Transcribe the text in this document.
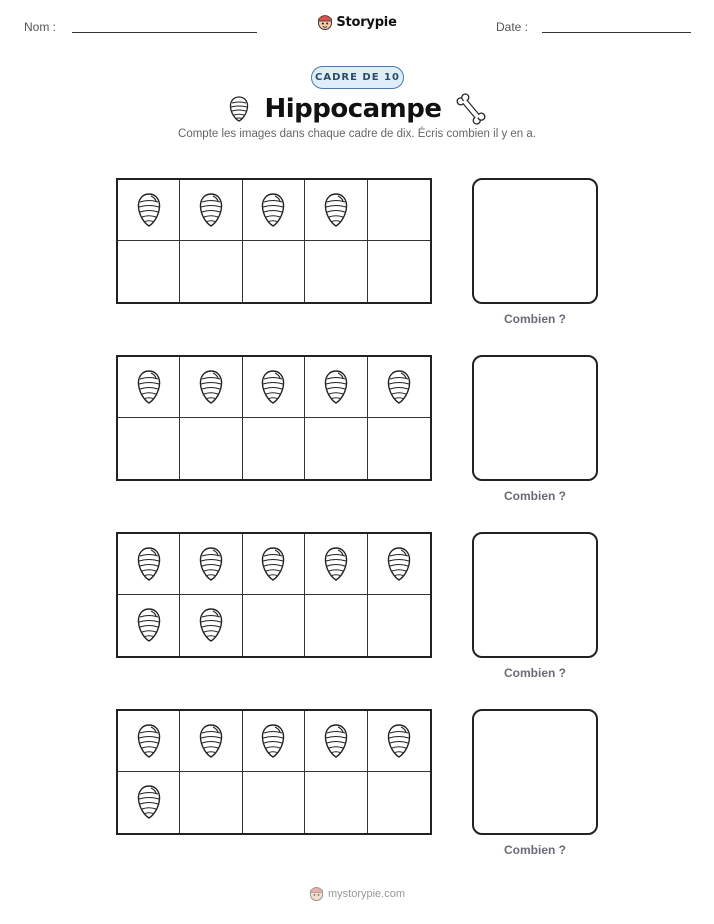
Nom :	Storypie	Date :
CADRE DE 10
Hippocampe
Compte les images dans chaque cadre de dix. Écris combien il y en a.
Combien ?
Combien ?
Combien ?
Combien ?
mystorypie.com
